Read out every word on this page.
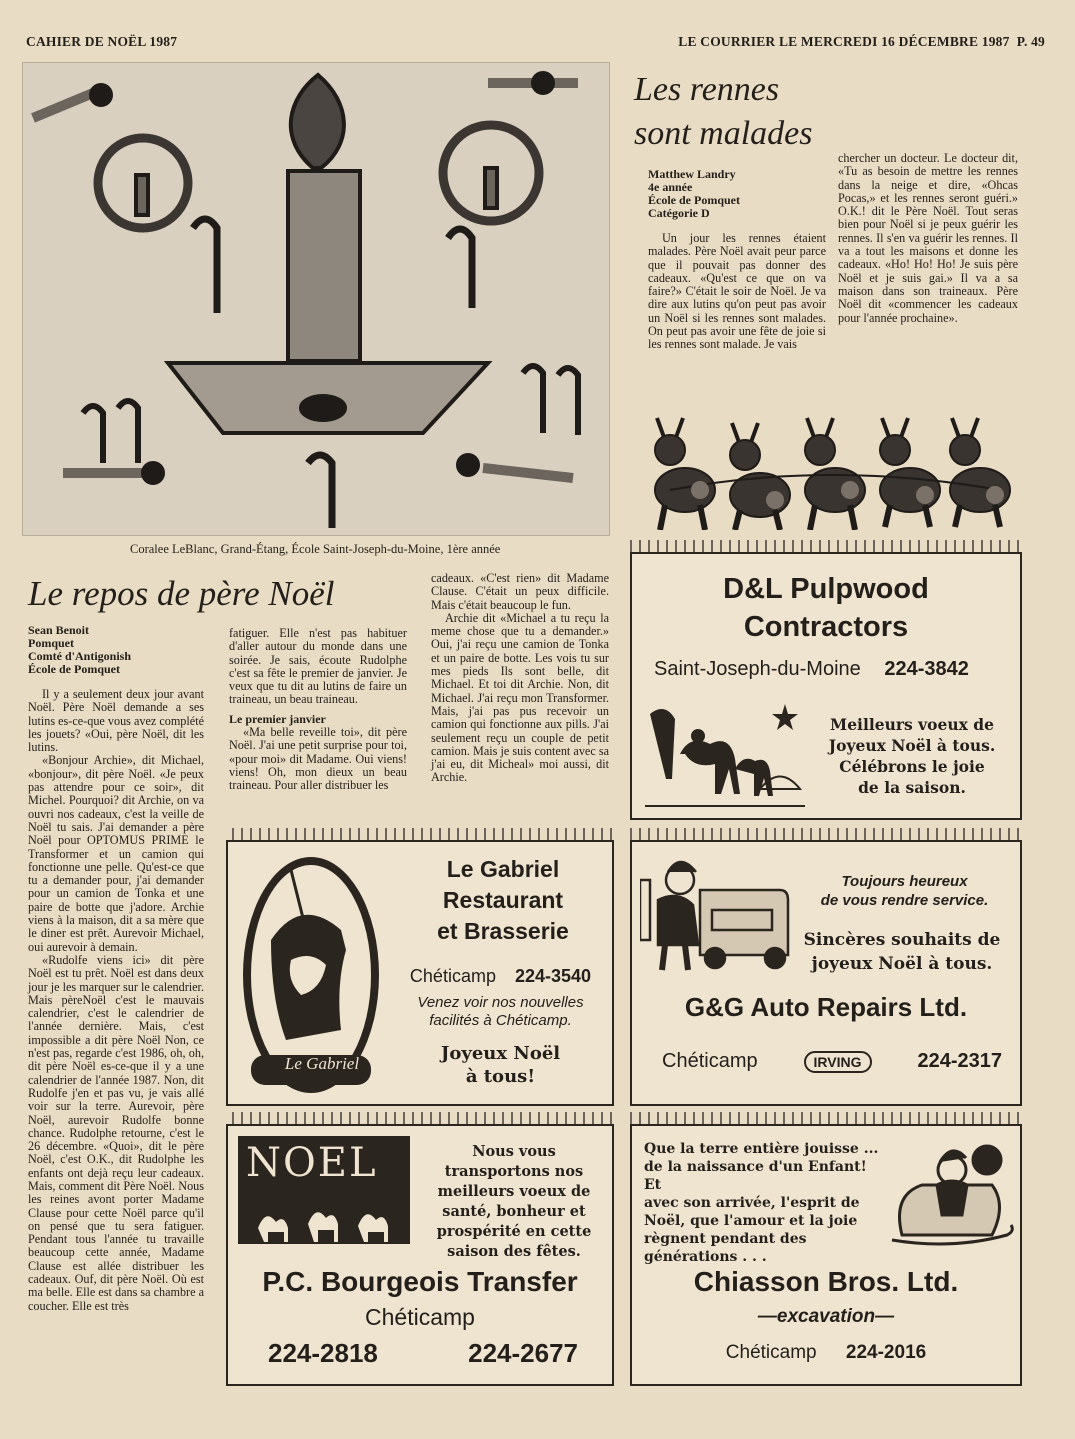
CAHIER DE NOËL 1987	LE COURRIER LE MERCREDI 16 DÉCEMBRE 1987 P. 49
Coralee LeBlanc, Grand-Étang, École Saint-Joseph-du-Moine, 1ère année
Les rennes
sont malades
Matthew Landry
4e année
École de Pomquet
Catégorie D

Un jour les rennes étaient malades. Père Noël avait peur parce que il pouvait pas donner des cadeaux. «Qu'est ce que on va faire?» C'était le soir de Noël. Je va dire aux lutins qu'on peut pas avoir un Noël si les rennes sont malades. On peut pas avoir une fête de joie si les rennes sont malade. Je vais

chercher un docteur. Le docteur dit, «Tu as besoin de mettre les rennes dans la neige et dire, «Ohcas Pocas,» et les rennes seront guéri.» O.K.! dit le Père Noël. Tout seras bien pour Noël si je peux guérir les rennes. Il s'en va guérir les rennes. Il va a tout les maisons et donne les cadeaux. «Ho! Ho! Ho! Je suis père Noël et je suis gai.» Il va a sa maison dans son traineaux. Père Noël dit «commencer les cadeaux pour l'année prochaine».

Le repos de père Noël
Sean Benoit
Pomquet
Comté d'Antigonish
École de Pomquet

Il y a seulement deux jour avant Noël. Père Noël demande a ses lutins es-ce-que vous avez complété les jouets? «Oui, père Noël, dit les lutins.

«Bonjour Archie», dit Michael, «bonjour», dit père Noël. «Je peux pas attendre pour ce soir», dit Michel. Pourquoi? dit Archie, on va ouvri nos cadeaux, c'est la veille de Noël tu sais. J'ai demander a père Noël pour OPTOMUS PRIME le Transformer et un camion qui fonctionne une pelle. Qu'est-ce que tu a demander pour, j'ai demander pour un camion de Tonka et une paire de botte que j'adore. Archie viens à la maison, dit a sa mère que le diner est prêt. Aurevoir Michael, oui aurevoir à demain.

«Rudolfe viens ici» dit père Noël est tu prêt. Noël est dans deux jour je les marquer sur le calendrier. Mais pèreNoël c'est le mauvais calendrier, c'est le calendrier de l'année dernière. Mais, c'est impossible a dit père Noël Non, ce n'est pas, regarde c'est 1986, oh, oh, dit père Noël es-ce-que il y a une calendrier de l'année 1987. Non, dit Rudolfe j'en et pas vu, je vais allé voir sur la terre. Aurevoir, père Noël, aurevoir Rudolfe bonne chance. Rudolphe retourne, c'est le 26 décembre. «Quoi», dit le père Noël, c'est O.K., dit Rudolphe les enfants ont dejà reçu leur cadeaux. Mais, comment dit Père Noël. Nous les reines avont porter Madame Clause pour cette Noël parce qu'il on pensé que tu sera fatiguer. Pendant tous l'année tu travaille beaucoup cette année, Madame Clause est allée distribuer les cadeaux. Ouf, dit père Noël. Où est ma belle. Elle est dans sa chambre a coucher. Elle est très

fatiguer. Elle n'est pas habituer d'aller autour du monde dans une soirée. Je sais, écoute Rudolphe c'est sa fête le premier de janvier. Je veux que tu dit au lutins de faire un traineau, un beau traineau.

Le premier janvier

«Ma belle reveille toi», dit père Noël. J'ai une petit surprise pour toi, «pour moi» dit Madame. Oui viens! viens! Oh, mon dieux un beau traineau. Pour aller distribuer les

cadeaux. «C'est rien» dit Madame Clause. C'était un peux difficile. Mais c'était beaucoup le fun.

Archie dit «Michael a tu reçu la meme chose que tu a demander.» Oui, j'ai reçu une camion de Tonka et un paire de botte. Les vois tu sur mes pieds Ils sont belle, dit Michael. Et toi dit Archie. Non, dit Michael. J'ai reçu mon Transformer. Mais, j'ai pas pus recevoir un camion qui fonctionne aux pills. J'ai seulement reçu un couple de petit camion. Mais je suis content avec sa j'ai eu, dit Micheal» moi aussi, dit Archie.

D&L Pulpwood
Contractors
Saint-Joseph-du-Moine 224-3842
Meilleurs voeux de
Joyeux Noël à tous.
Célébrons le joie
de la saison.
Le Gabriel
Le Gabriel
Restaurant
et Brasserie
Chéticamp 224-3540
Venez voir nos nouvelles
facilités à Chéticamp.
Joyeux Noël
à tous!
Toujours heureux
de vous rendre service.
Sincères souhaits de
joyeux Noël à tous.
G&G Auto Repairs Ltd.
Chéticamp	IRVING	224-2317
NOEL	Nous vous
transportons nos
meilleurs voeux de
santé, bonheur et
prospérité en cette
saison des fêtes.
P.C. Bourgeois Transfer
Chéticamp
224-2818	224-2677
Que la terre entière jouisse ...
de la naissance d'un Enfant! Et
avec son arrivée, l'esprit de
Noël, que l'amour et la joie
règnent pendant des
générations . . .
Chiasson Bros. Ltd.
—excavation—
Chéticamp 224-2016
